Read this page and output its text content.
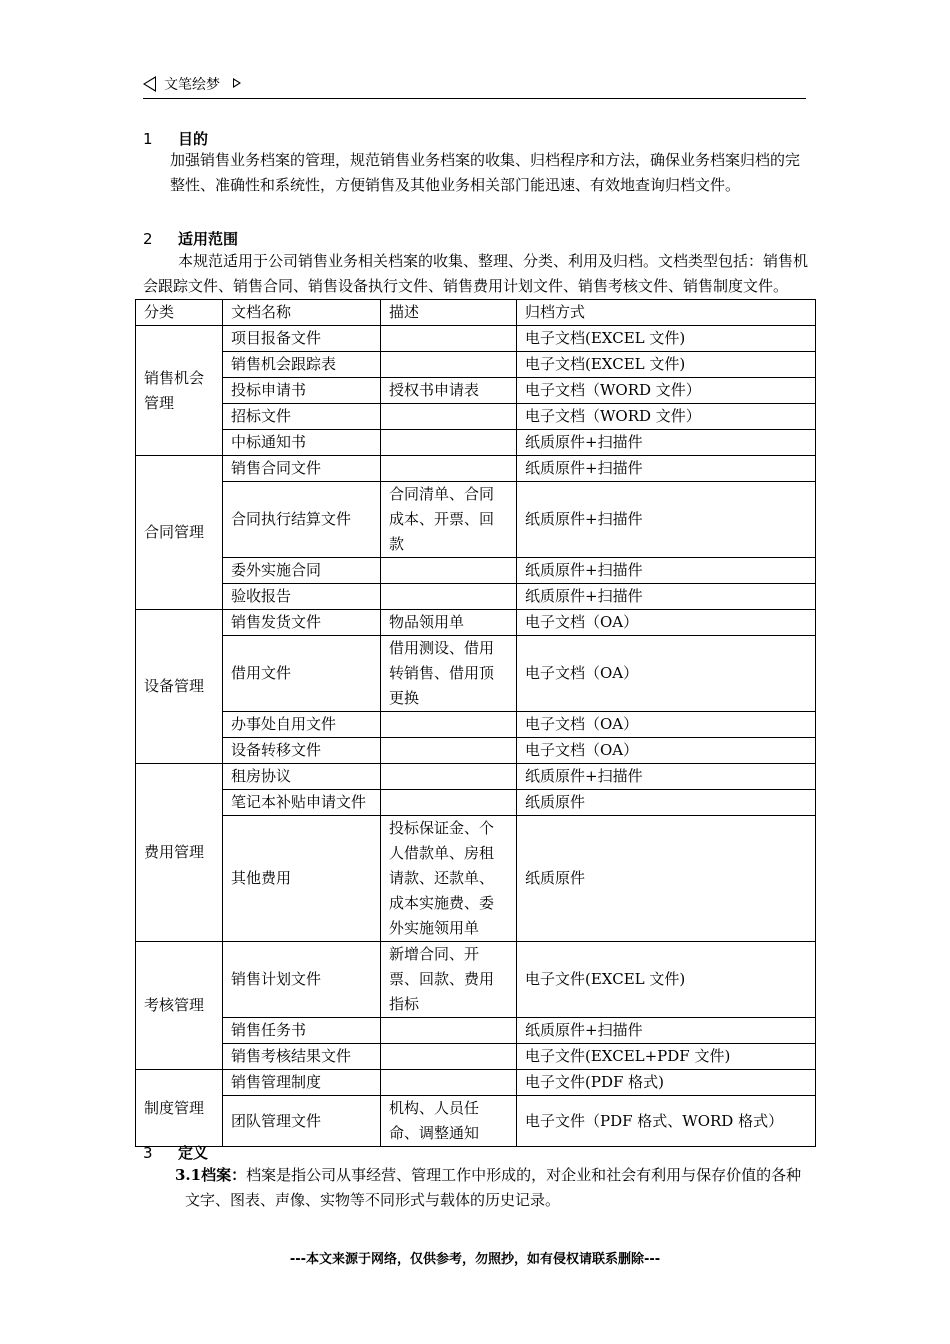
文笔绘梦
1 目的
加强销售业务档案的管理，规范销售业务档案的收集、归档程序和方法，确保业务档案归档的完整性、准确性和系统性，方便销售及其他业务相关部门能迅速、有效地查询归档文件。
2 适用范围
本规范适用于公司销售业务相关档案的收集、整理、分类、利用及归档。文档类型包括：销售机会跟踪文件、销售合同、销售设备执行文件、销售费用计划文件、销售考核文件、销售制度文件。
分类	文档名称	描述	归档方式
销售机会管理	项目报备文件		电子文档(EXCEL 文件)
	销售机会跟踪表		电子文档(EXCEL 文件)
	投标申请书	授权书申请表	电子文档（WORD 文件）
	招标文件		电子文档（WORD 文件）
	中标通知书		纸质原件+扫描件
合同管理	销售合同文件		纸质原件+扫描件
	合同执行结算文件	合同清单、合同成本、开票、回款	纸质原件+扫描件
	委外实施合同		纸质原件+扫描件
	验收报告		纸质原件+扫描件
设备管理	销售发货文件	物品领用单	电子文档（OA）
	借用文件	借用测设、借用转销售、借用顶更换	电子文档（OA）
	办事处自用文件		电子文档（OA）
	设备转移文件		电子文档（OA）
费用管理	租房协议		纸质原件+扫描件
	笔记本补贴申请文件		纸质原件
	其他费用	投标保证金、个人借款单、房租请款、还款单、成本实施费、委外实施领用单	纸质原件
考核管理	销售计划文件	新增合同、开票、回款、费用指标	电子文件(EXCEL 文件)
	销售任务书		纸质原件+扫描件
	销售考核结果文件		电子文件(EXCEL+PDF 文件)
制度管理	销售管理制度		电子文件(PDF 格式)
	团队管理文件	机构、人员任命、调整通知	电子文件（PDF 格式、WORD 格式）
3 定义
3.1档案：档案是指公司从事经营、管理工作中形成的，对企业和社会有利用与保存价值的各种文字、图表、声像、实物等不同形式与载体的历史记录。
---本文来源于网络，仅供参考，勿照抄，如有侵权请联系删除---
